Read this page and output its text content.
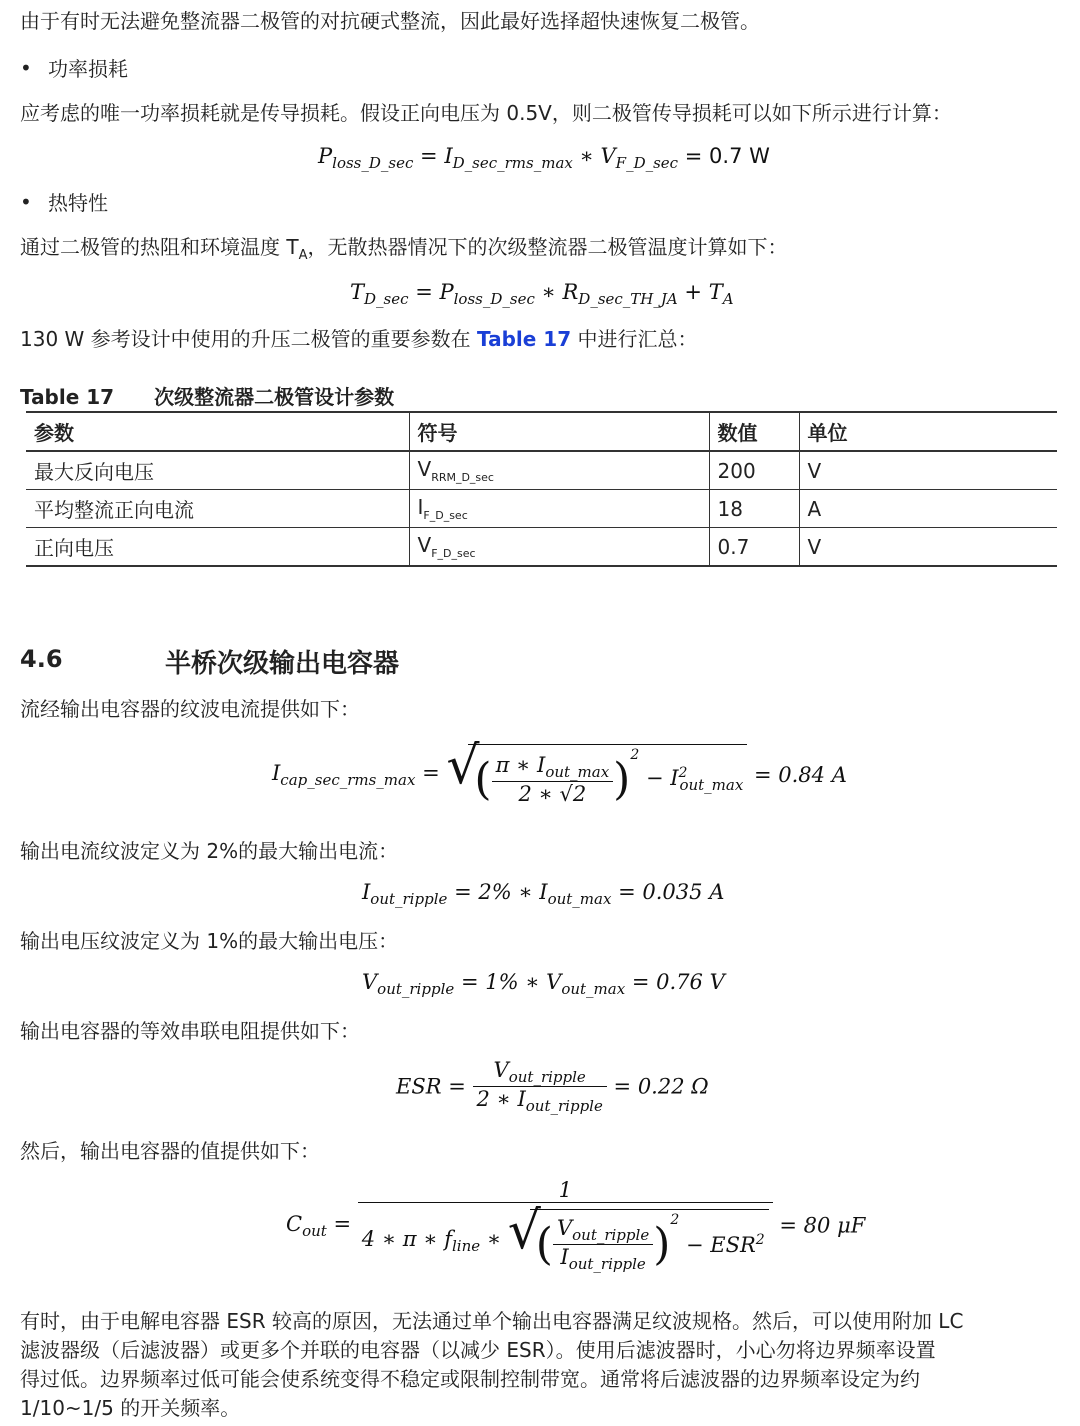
由于有时无法避免整流器二极管的对抗硬式整流，因此最好选择超快速恢复二极管。
• 功率损耗
应考虑的唯一功率损耗就是传导损耗。假设正向电压为 0.5V，则二极管传导损耗可以如下所示进行计算：
$P_{loss\_D\_sec} = I_{D\_sec\_rms\_max}$ ∗ $V_{F\_D\_sec} = 0.7$ W
• 热特性
通过二极管的热阻和环境温度 $T_A$，无散热器情况下的次级整流器二极管温度计算如下：
$T_{D\_sec} = P_{loss\_D\_sec}$ ∗ $R_{D\_sec\_TH\_JA} + T_A$
130 W 参考设计中使用的升压二极管的重要参数在 Table 17 中进行汇总：
Table 17 次级整流器二极管设计参数
参数	符号	数值	单位
最大反向电压	$V_{RRM\_D\_sec}$	200	V
平均整流正向电流	$I_{F\_D\_sec}$	18	A
正向电压	$V_{F\_D\_sec}$	0.7	V
4.6	半桥次级输出电容器
流经输出电容器的纹波电流提供如下：
$I_{cap\_sec\_rms\_max}$ = √
( $\frac{\pi ∗ I_{out\_max}}{2 ∗ √2} )^2 - I^2_{out\_max} = 0.84$ A
输出电流纹波定义为 2%的最大输出电流：
$I_{out\_ripple} = 2\%$ ∗ $I_{out\_max} = 0.035$ A
输出电压纹波定义为 1%的最大输出电压：
$V_{out\_ripple} = 1\%$ ∗ $V_{out\_max} = 0.76$ V
输出电容器的等效串联电阻提供如下：
ESR = $\frac{V_{out\_ripple}}{2 ∗ I_{out\_ripple}} = 0.22$ Ω
然后，输出电容器的值提供如下：
$C_{out}$ =
1
4 ∗ π ∗ $f_{line}$ ∗ √
( $\frac{V_{out\_ripple}}{I_{out\_ripple}} )^2 - ESR^2$
= 80 μF
有时，由于电解电容器 ESR 较高的原因，无法通过单个输出电容器满足纹波规格。然后，可以使用附加 LC
滤波器级（后滤波器）或更多个并联的电容器（以减少 ESR）。使用后滤波器时，小心勿将边界频率设置
得过低。边界频率过低可能会使系统变得不稳定或限制控制带宽。通常将后滤波器的边界频率设定为约
1/10~1/5 的开关频率。
